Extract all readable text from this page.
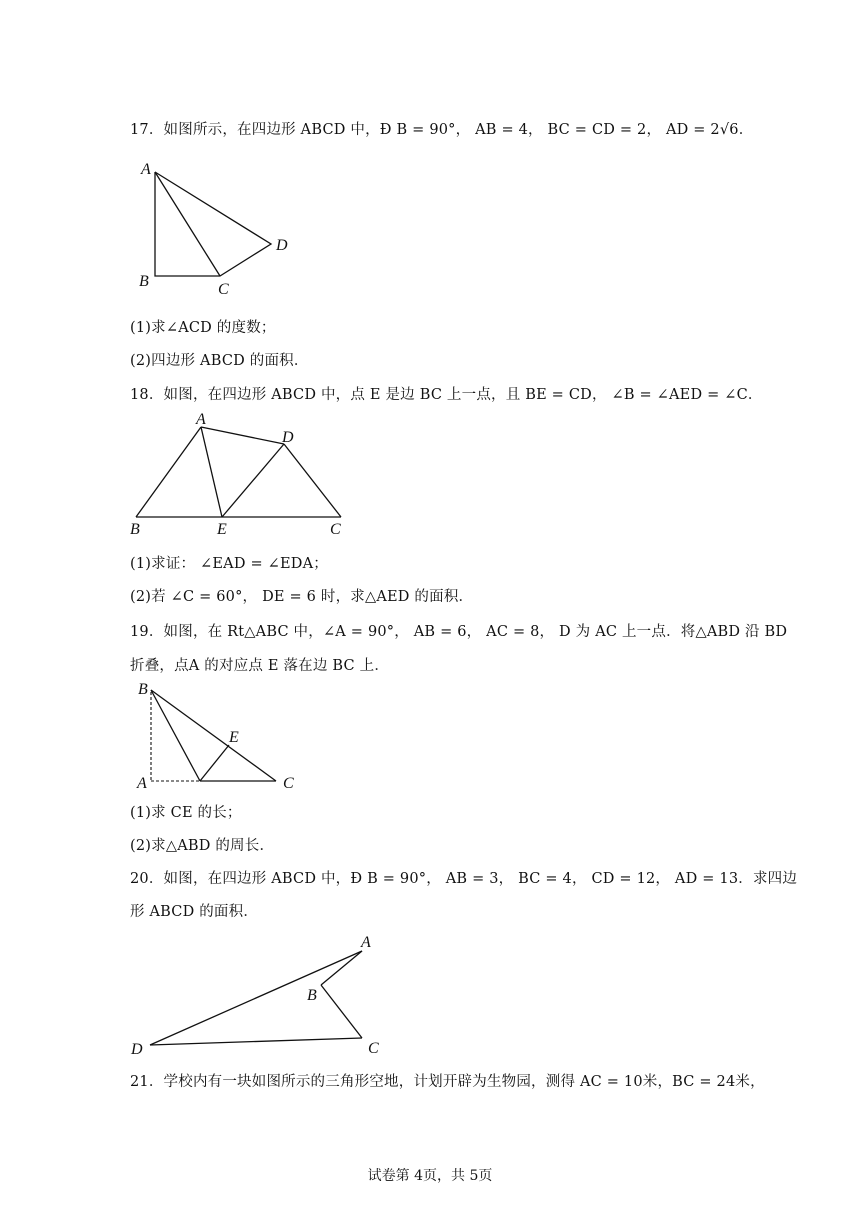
17．如图所示，在四边形 ABCD 中，Ð B = 90°， AB = 4， BC = CD = 2， AD = 2√6．
A
B	C
D
(1)求∠ACD 的度数；
(2)四边形 ABCD 的面积．
18．如图，在四边形 ABCD 中，点 E 是边 BC 上一点，且 BE = CD， ∠B = ∠AED = ∠C．
A
D
B	E	C
(1)求证： ∠EAD = ∠EDA；
(2)若 ∠C = 60°， DE = 6 时，求△AED 的面积．
19．如图，在 Rt△ABC 中，∠A = 90°， AB = 6， AC = 8， D 为 AC 上一点．将△ABD 沿 BD
折叠，点A 的对应点 E 落在边 BC 上．
B
E
A	C
(1)求 CE 的长；
(2)求△ABD 的周长．
20．如图，在四边形 ABCD 中，Ð B = 90°， AB = 3， BC = 4， CD = 12， AD = 13．求四边
形 ABCD 的面积．
A
B
D	C
21．学校内有一块如图所示的三角形空地，计划开辟为生物园，测得 AC = 10米，BC = 24米，
试卷第 4页，共 5页
